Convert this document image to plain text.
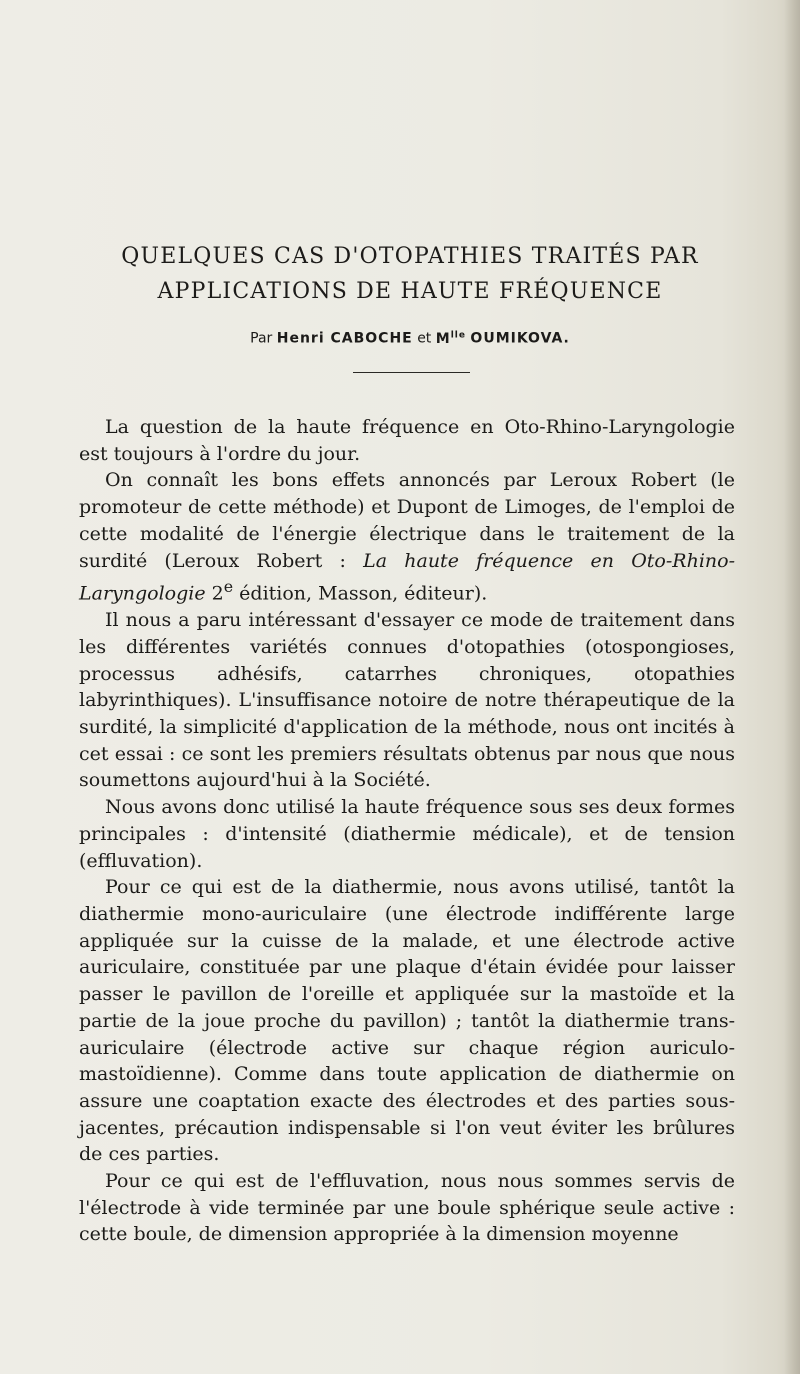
QUELQUES CAS D'OTOPATHIES TRAITÉS PAR
APPLICATIONS DE HAUTE FRÉQUENCE
Par Henri CABOCHE et $M^{lle}$ OUMIKOVA.

La question de la haute fréquence en Oto-Rhino-Laryngologie est toujours à l'ordre du jour.

On connaît les bons effets annoncés par Leroux Robert (le promoteur de cette méthode) et Dupont de Limoges, de l'emploi de cette modalité de l'énergie électrique dans le traitement de la surdité (Leroux Robert : La haute fréquence en Oto-Rhino-Laryngologie 2e édition, Masson, éditeur).

Il nous a paru intéressant d'essayer ce mode de traitement dans les différentes variétés connues d'otopathies (otospongioses, processus adhésifs, catarrhes chroniques, otopathies labyrinthiques). L'insuffisance notoire de notre thérapeutique de la surdité, la simplicité d'application de la méthode, nous ont incités à cet essai : ce sont les premiers résultats obtenus par nous que nous soumettons aujourd'hui à la Société.

Nous avons donc utilisé la haute fréquence sous ses deux formes principales : d'intensité (diathermie médicale), et de tension (effluvation).

Pour ce qui est de la diathermie, nous avons utilisé, tantôt la diathermie mono-auriculaire (une électrode indifférente large appliquée sur la cuisse de la malade, et une électrode active auriculaire, constituée par une plaque d'étain évidée pour laisser passer le pavillon de l'oreille et appliquée sur la mastoïde et la partie de la joue proche du pavillon) ; tantôt la diathermie trans-auriculaire (électrode active sur chaque région auriculo-mastoïdienne). Comme dans toute application de diathermie on assure une coaptation exacte des électrodes et des parties sous-jacentes, précaution indispensable si l'on veut éviter les brûlures de ces parties.

Pour ce qui est de l'effluvation, nous nous sommes servis de l'électrode à vide terminée par une boule sphérique seule active : cette boule, de dimension appropriée à la dimension moyenne
